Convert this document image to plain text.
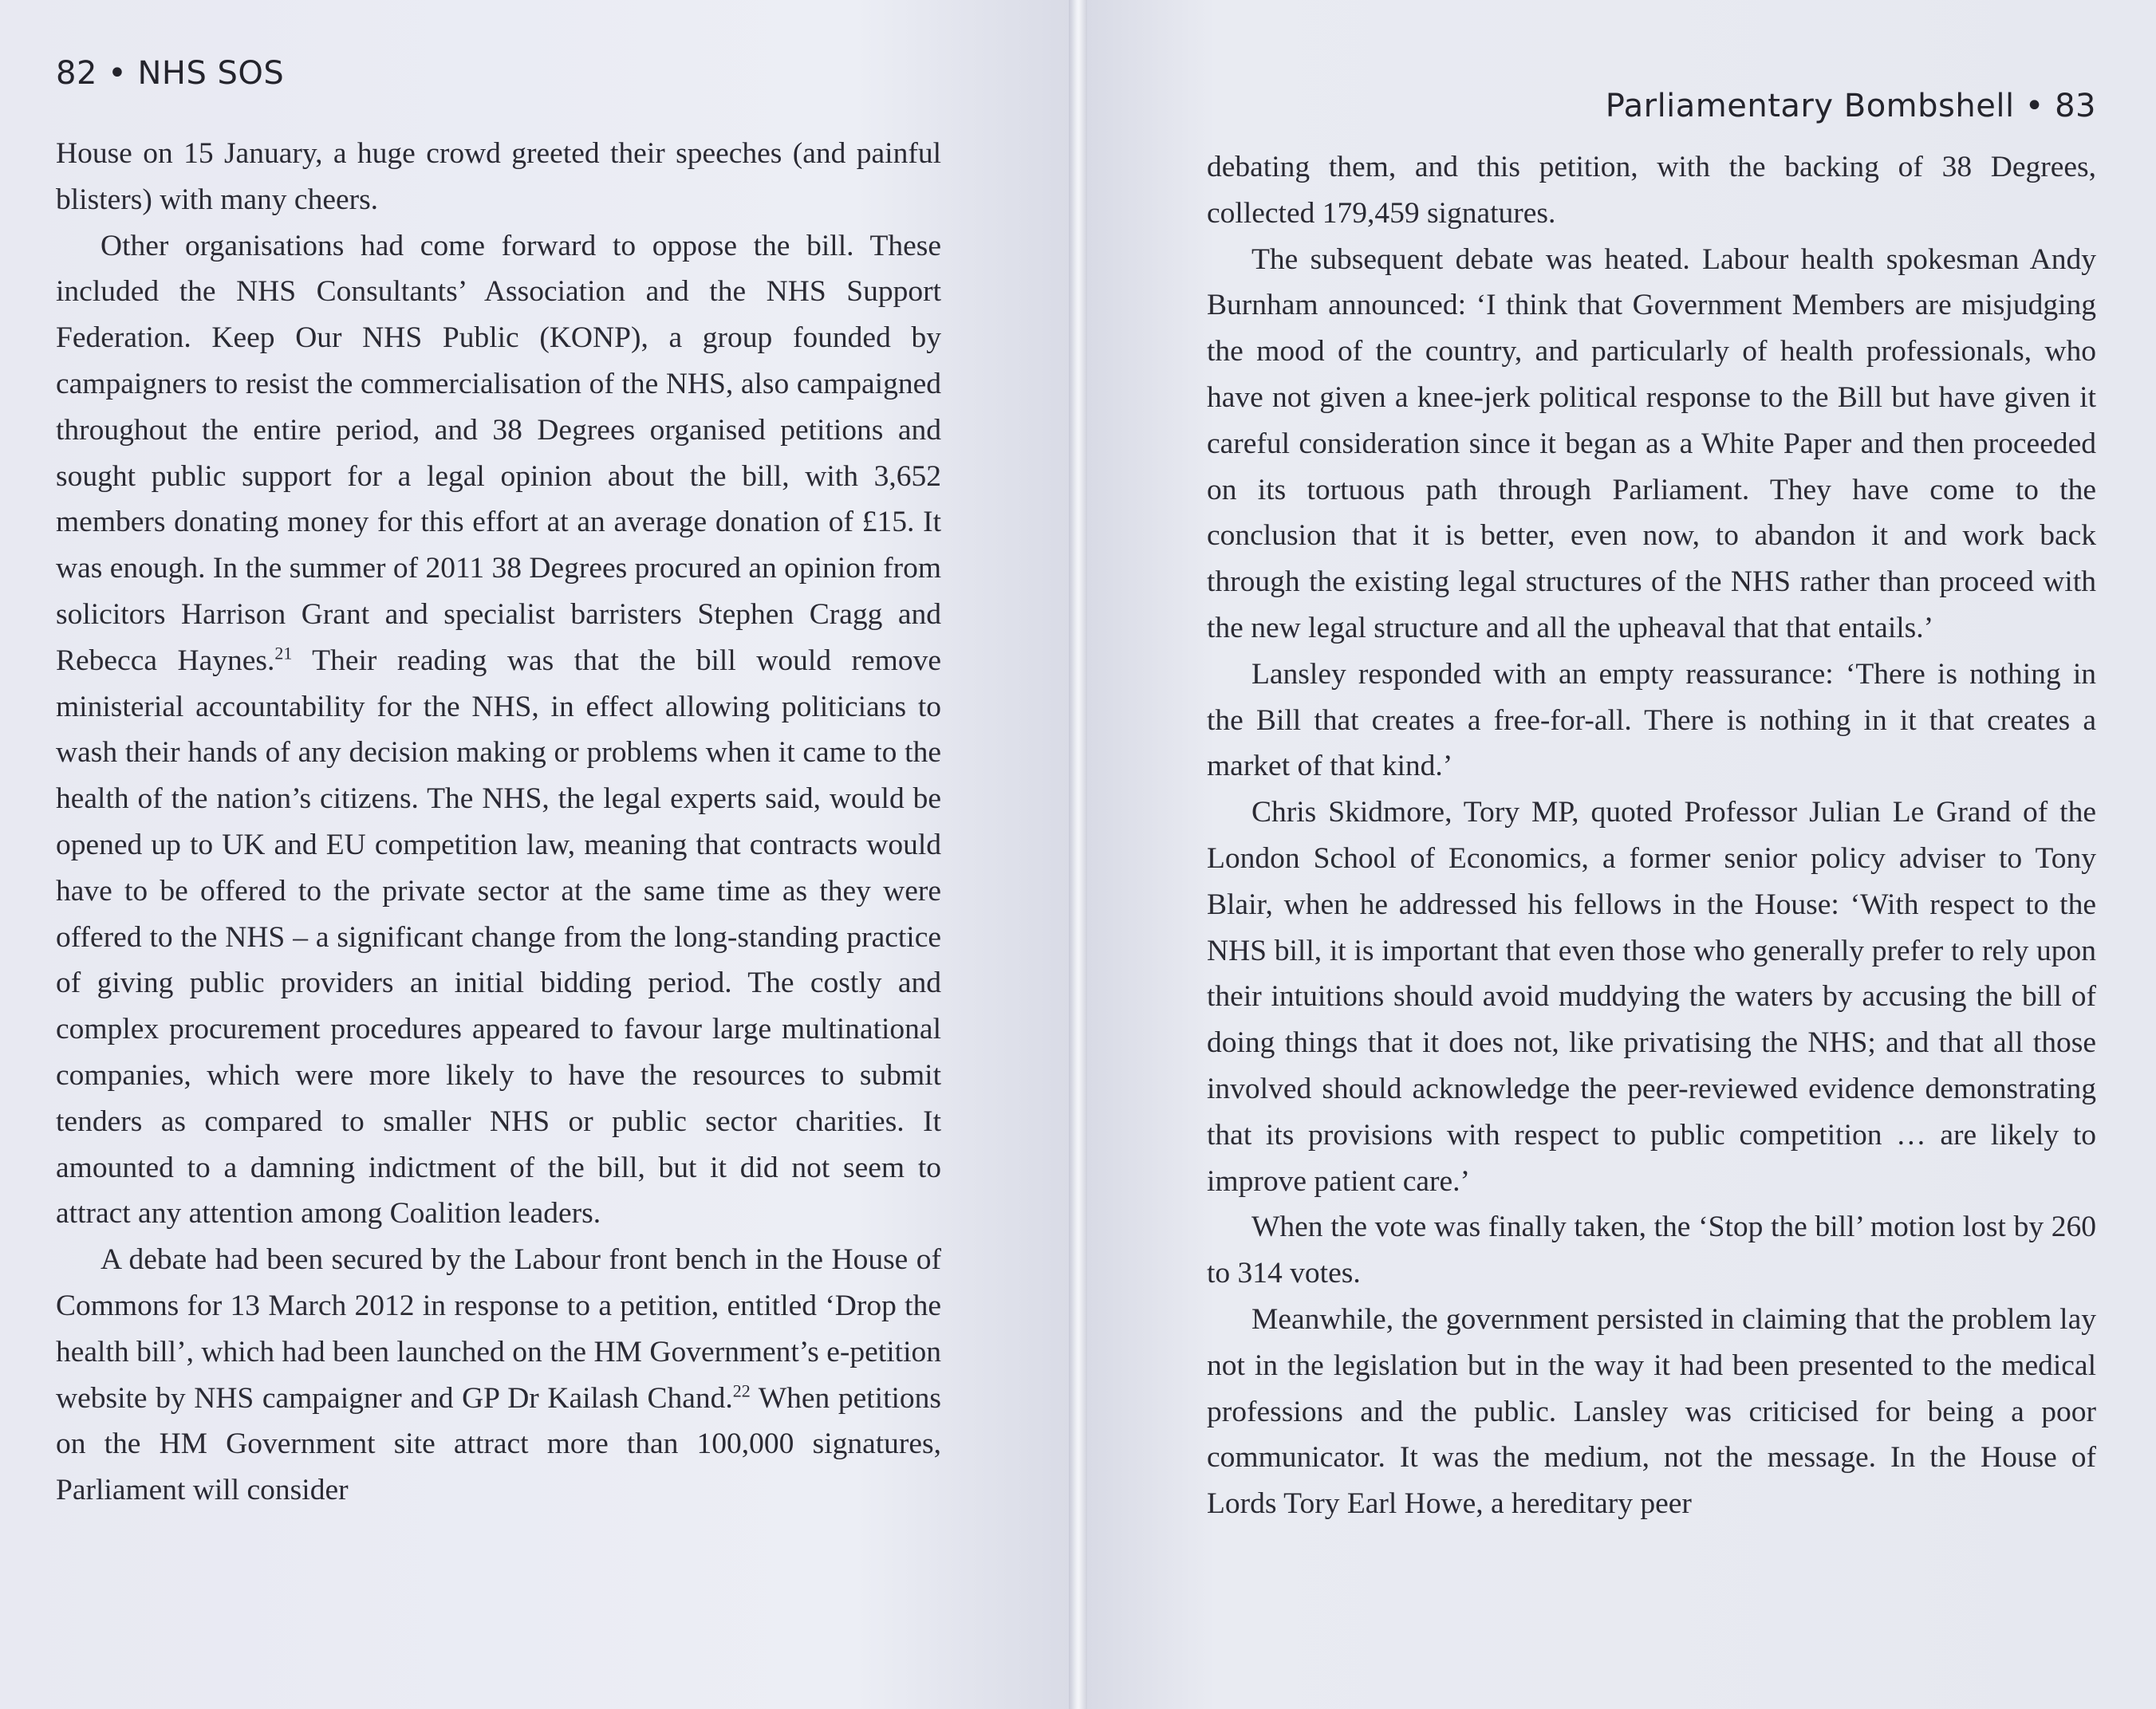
82 • NHS SOS

House on 15 January, a huge crowd greeted their speeches (and painful blisters) with many cheers.

Other organisations had come forward to oppose the bill. These included the NHS Consultants’ Association and the NHS Support Federation. Keep Our NHS Public (KONP), a group founded by campaigners to resist the commercialisation of the NHS, also campaigned throughout the entire period, and 38 Degrees organised petitions and sought public support for a legal opinion about the bill, with 3,652 members donating money for this effort at an average donation of £15. It was enough. In the summer of 2011 38 Degrees procured an opinion from solicitors Harrison Grant and specialist barristers Stephen Cragg and Rebecca Haynes.$^{21}$ Their reading was that the bill would remove ministerial accountability for the NHS, in effect allowing politicians to wash their hands of any decision making or problems when it came to the health of the nation’s citizens. The NHS, the legal experts said, would be opened up to UK and EU competition law, meaning that contracts would have to be offered to the private sector at the same time as they were offered to the NHS – a significant change from the long-standing practice of giving public providers an initial bidding period. The costly and complex procurement procedures appeared to favour large multinational companies, which were more likely to have the resources to submit tenders as compared to smaller NHS or public sector charities. It amounted to a damning indictment of the bill, but it did not seem to attract any attention among Coalition leaders.

A debate had been secured by the Labour front bench in the House of Commons for 13 March 2012 in response to a petition, entitled ‘Drop the health bill’, which had been launched on the HM Government’s e-petition website by NHS campaigner and GP Dr Kailash Chand.$^{22}$ When petitions on the HM Government site attract more than 100,000 signatures, Parliament will consider

Parliamentary Bombshell • 83

debating them, and this petition, with the backing of 38 Degrees, collected 179,459 signatures.

The subsequent debate was heated. Labour health spokesman Andy Burnham announced: ‘I think that Government Members are misjudging the mood of the country, and particularly of health professionals, who have not given a knee-jerk political response to the Bill but have given it careful consideration since it began as a White Paper and then proceeded on its tortuous path through Parliament. They have come to the conclusion that it is better, even now, to abandon it and work back through the existing legal structures of the NHS rather than proceed with the new legal structure and all the upheaval that that entails.’

Lansley responded with an empty reassurance: ‘There is nothing in the Bill that creates a free-for-all. There is nothing in it that creates a market of that kind.’

Chris Skidmore, Tory MP, quoted Professor Julian Le Grand of the London School of Economics, a former senior policy adviser to Tony Blair, when he addressed his fellows in the House: ‘With respect to the NHS bill, it is important that even those who generally prefer to rely upon their intuitions should avoid muddying the waters by accusing the bill of doing things that it does not, like privatising the NHS; and that all those involved should acknowledge the peer-reviewed evidence demonstrating that its provisions with respect to public competition … are likely to improve patient care.’

When the vote was finally taken, the ‘Stop the bill’ motion lost by 260 to 314 votes.

Meanwhile, the government persisted in claiming that the problem lay not in the legislation but in the way it had been presented to the medical professions and the public. Lansley was criticised for being a poor communicator. It was the medium, not the message. In the House of Lords Tory Earl Howe, a hereditary peer
